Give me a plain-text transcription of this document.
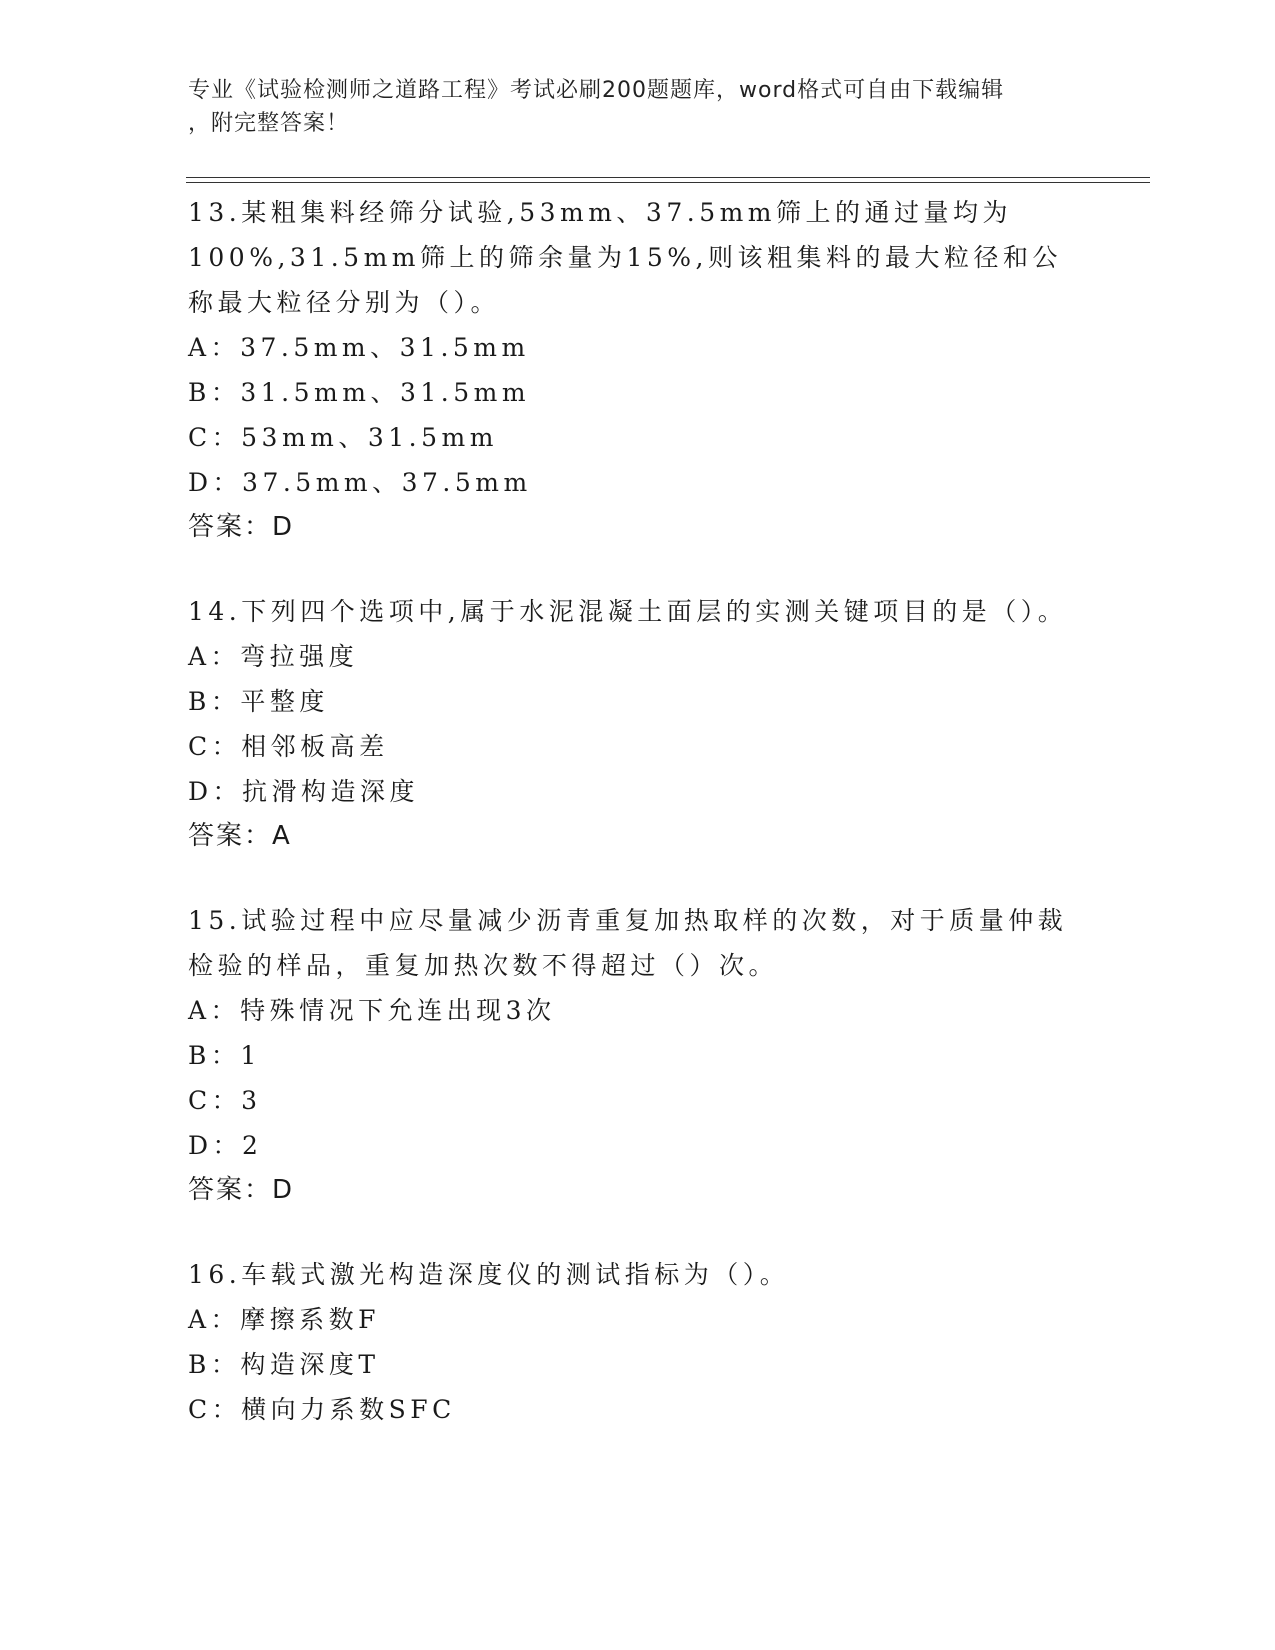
专业《试验检测师之道路工程》考试必刷200题题库，word格式可自由下载编辑
，附完整答案！

13.某粗集料经筛分试验,53mm、37.5mm筛上的通过量均为100%,31.5mm筛上的筛余量为15%,则该粗集料的最大粒径和公称最大粒径分别为（）。

A：37.5mm、31.5mm

B：31.5mm、31.5mm

C：53mm、31.5mm

D：37.5mm、37.5mm

答案：D

14.下列四个选项中,属于水泥混凝土面层的实测关键项目的是（）。

A：弯拉强度

B：平整度

C：相邻板高差

D：抗滑构造深度

答案：A

15.试验过程中应尽量减少沥青重复加热取样的次数，对于质量仲裁检验的样品，重复加热次数不得超过（）次。

A：特殊情况下允连出现3次

B：1

C：3

D：2

答案：D

16.车载式激光构造深度仪的测试指标为（）。

A：摩擦系数F

B：构造深度T

C：横向力系数SFC
